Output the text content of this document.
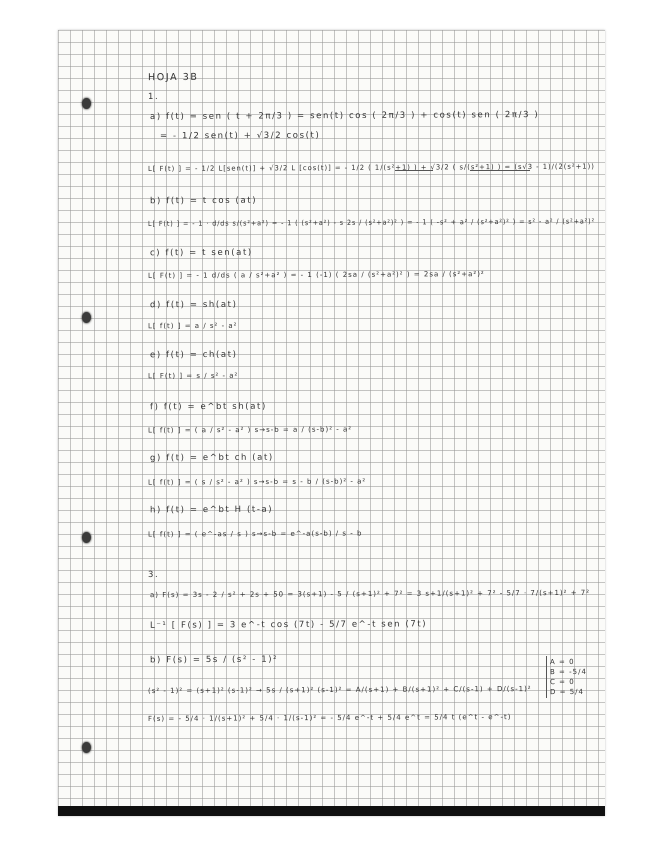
HOJA 3B
1.
a) f(t) = sen ( t + 2π/3 ) = sen(t) cos ( 2π/3 ) + cos(t) sen ( 2π/3 )
= - 1/2 sen(t) + √3/2 cos(t)
L[ F(t) ] = - 1/2 L[sen(t)] + √3/2 L [cos(t)] = - 1/2 ( 1/(s²+1) ) + √3/2 ( s/(s²+1) ) = (s√3 - 1)/(2(s²+1))
b) f(t) = t cos (at)
L[ F(t) ] = - 1 · d/ds s/(s²+a²) = - 1 ( (s²+a²) - s 2s / (s²+a²)² ) = - 1 ( -s² + a² / (s²+a²)² ) = s² - a² / (s²+a²)²
c) f(t) = t sen(at)
L[ F(t) ] = - 1 d/ds ( a / s²+a² ) = - 1 (-1) ( 2sa / (s²+a²)² ) = 2sa / (s²+a²)²
d) f(t) = sh(at)
L[ f(t) ] = a / s² - a²
e) f(t) = ch(at)
L[ F(t) ] = s / s² - a²
f) f(t) = e^bt sh(at)
L[ f(t) ] = ( a / s² - a² ) s→s-b = a / (s-b)² - a²
g) f(t) = e^bt ch (at)
L[ f(t) ] = ( s / s² - a² ) s→s-b = s - b / (s-b)² - a²
h) f(t) = e^bt H (t-a)
L[ f(t) ] = ( e^-as / s ) s→s-b = e^-a(s-b) / s - b
3.
a) F(s) = 3s - 2 / s² + 2s + 50 = 3(s+1) - 5 / (s+1)² + 7² = 3 s+1/(s+1)² + 7² - 5/7 · 7/(s+1)² + 7²
L⁻¹ [ F(s) ] = 3 e^-t cos (7t) - 5/7 e^-t sen (7t)
b) F(s) = 5s / (s² - 1)²
(s² - 1)² = (s+1)² (s-1)² → 5s / (s+1)² (s-1)² = A/(s+1) + B/(s+1)² + C/(s-1) + D/(s-1)²
F(s) = - 5/4 · 1/(s+1)² + 5/4 · 1/(s-1)² = - 5/4 e^-t + 5/4 e^t = 5/4 t (e^t - e^-t)
A = 0
B = -5/4
C = 0
D = 5/4
